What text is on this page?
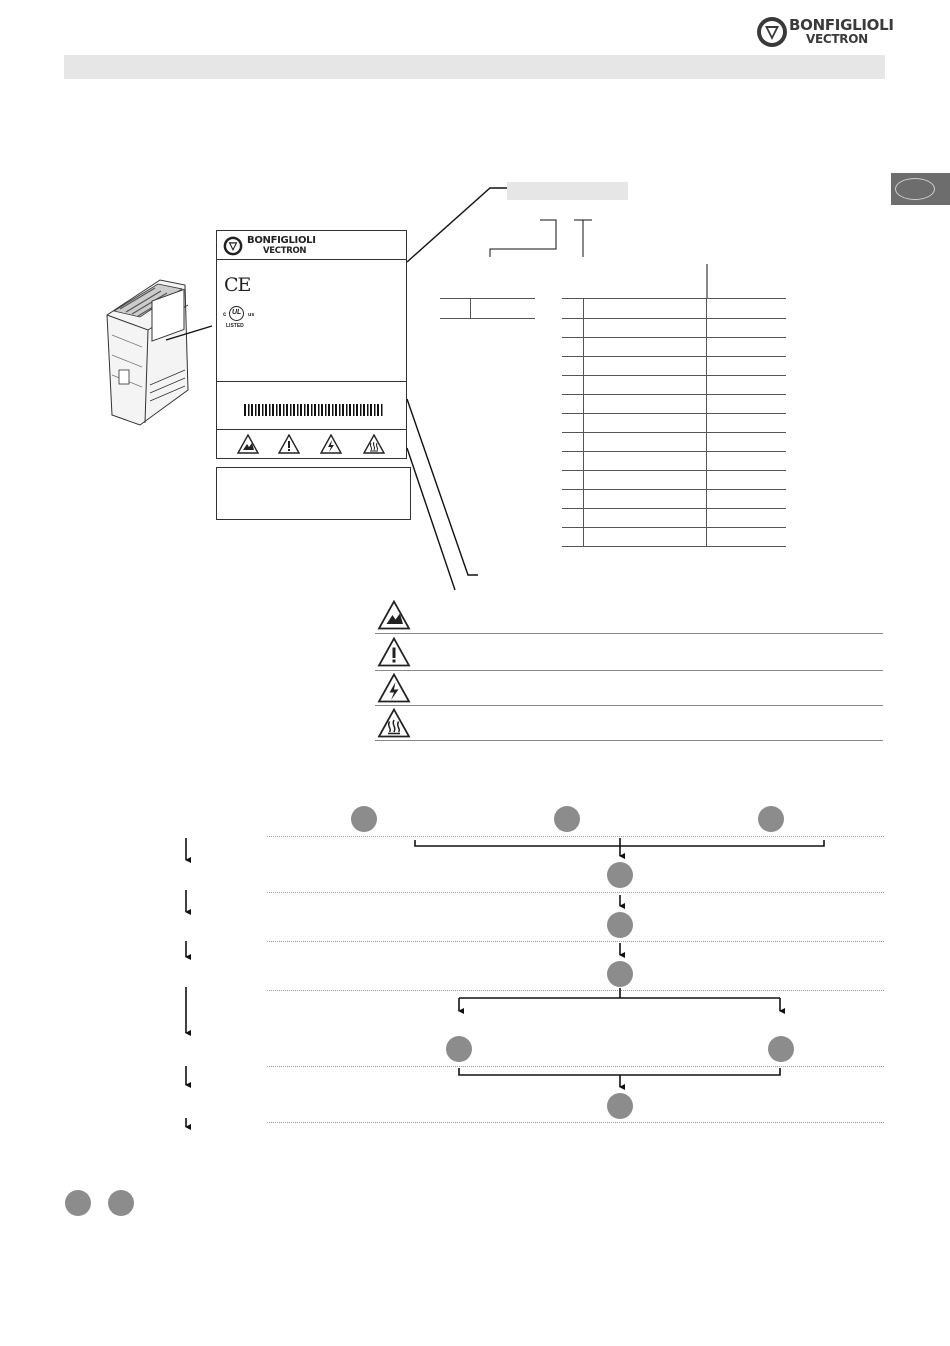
BONFIGLIOLI
VECTRON
BONFIGLIOLI
VECTRON
CE
c UL us
LISTED
